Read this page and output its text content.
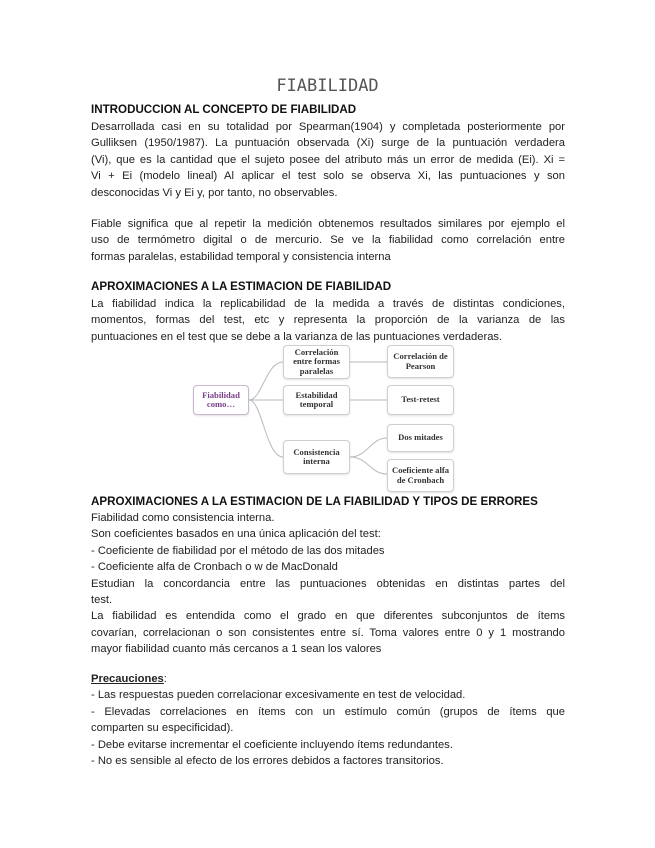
FIABILIDAD
INTRODUCCION AL CONCEPTO DE FIABILIDAD
Desarrollada casi en su totalidad por Spearman(1904) y completada posteriormente por
Gulliksen (1950/1987). La puntuación observada (Xi) surge de la puntuación verdadera
(Vi), que es la cantidad que el sujeto posee del atributo más un error de medida (Ei). Xi =
Vi + Ei (modelo lineal) Al aplicar el test solo se observa Xi, las puntuaciones y son
desconocidas Vi y Ei y, por tanto, no observables.
Fiable significa que al repetir la medición obtenemos resultados similares por ejemplo el
uso de termómetro digital o de mercurio. Se ve la fiabilidad como correlación entre
formas paralelas, estabilidad temporal y consistencia interna
APROXIMACIONES A LA ESTIMACION DE FIABILIDAD
La fiabilidad indica la replicabilidad de la medida a través de distintas condiciones,
momentos, formas del test, etc y representa la proporción de la varianza de las
puntuaciones en el test que se debe a la varianza de las puntuaciones verdaderas.
Fiabilidad como…
Correlación entre formas paralelas
Estabilidad temporal
Consistencia interna
Correlación de Pearson
Test-retest
Dos mitades
Coeficiente alfa de Cronbach
APROXIMACIONES A LA ESTIMACION DE LA FIABILIDAD Y TIPOS DE ERRORES
Fiabilidad como consistencia interna.
Son coeficientes basados en una única aplicación del test:
- Coeficiente de fiabilidad por el método de las dos mitades
- Coeficiente alfa de Cronbach o w de MacDonald
Estudian la concordancia entre las puntuaciones obtenidas en distintas partes del
test.
La fiabilidad es entendida como el grado en que diferentes subconjuntos de ítems
covarían, correlacionan o son consistentes entre sí. Toma valores entre 0 y 1 mostrando
mayor fiabilidad cuanto más cercanos a 1 sean los valores
Precauciones:
- Las respuestas pueden correlacionar excesivamente en test de velocidad.
- Elevadas correlaciones en ítems con un estímulo común (grupos de ítems que
comparten su especificidad).
- Debe evitarse incrementar el coeficiente incluyendo ítems redundantes.
- No es sensible al efecto de los errores debidos a factores transitorios.
